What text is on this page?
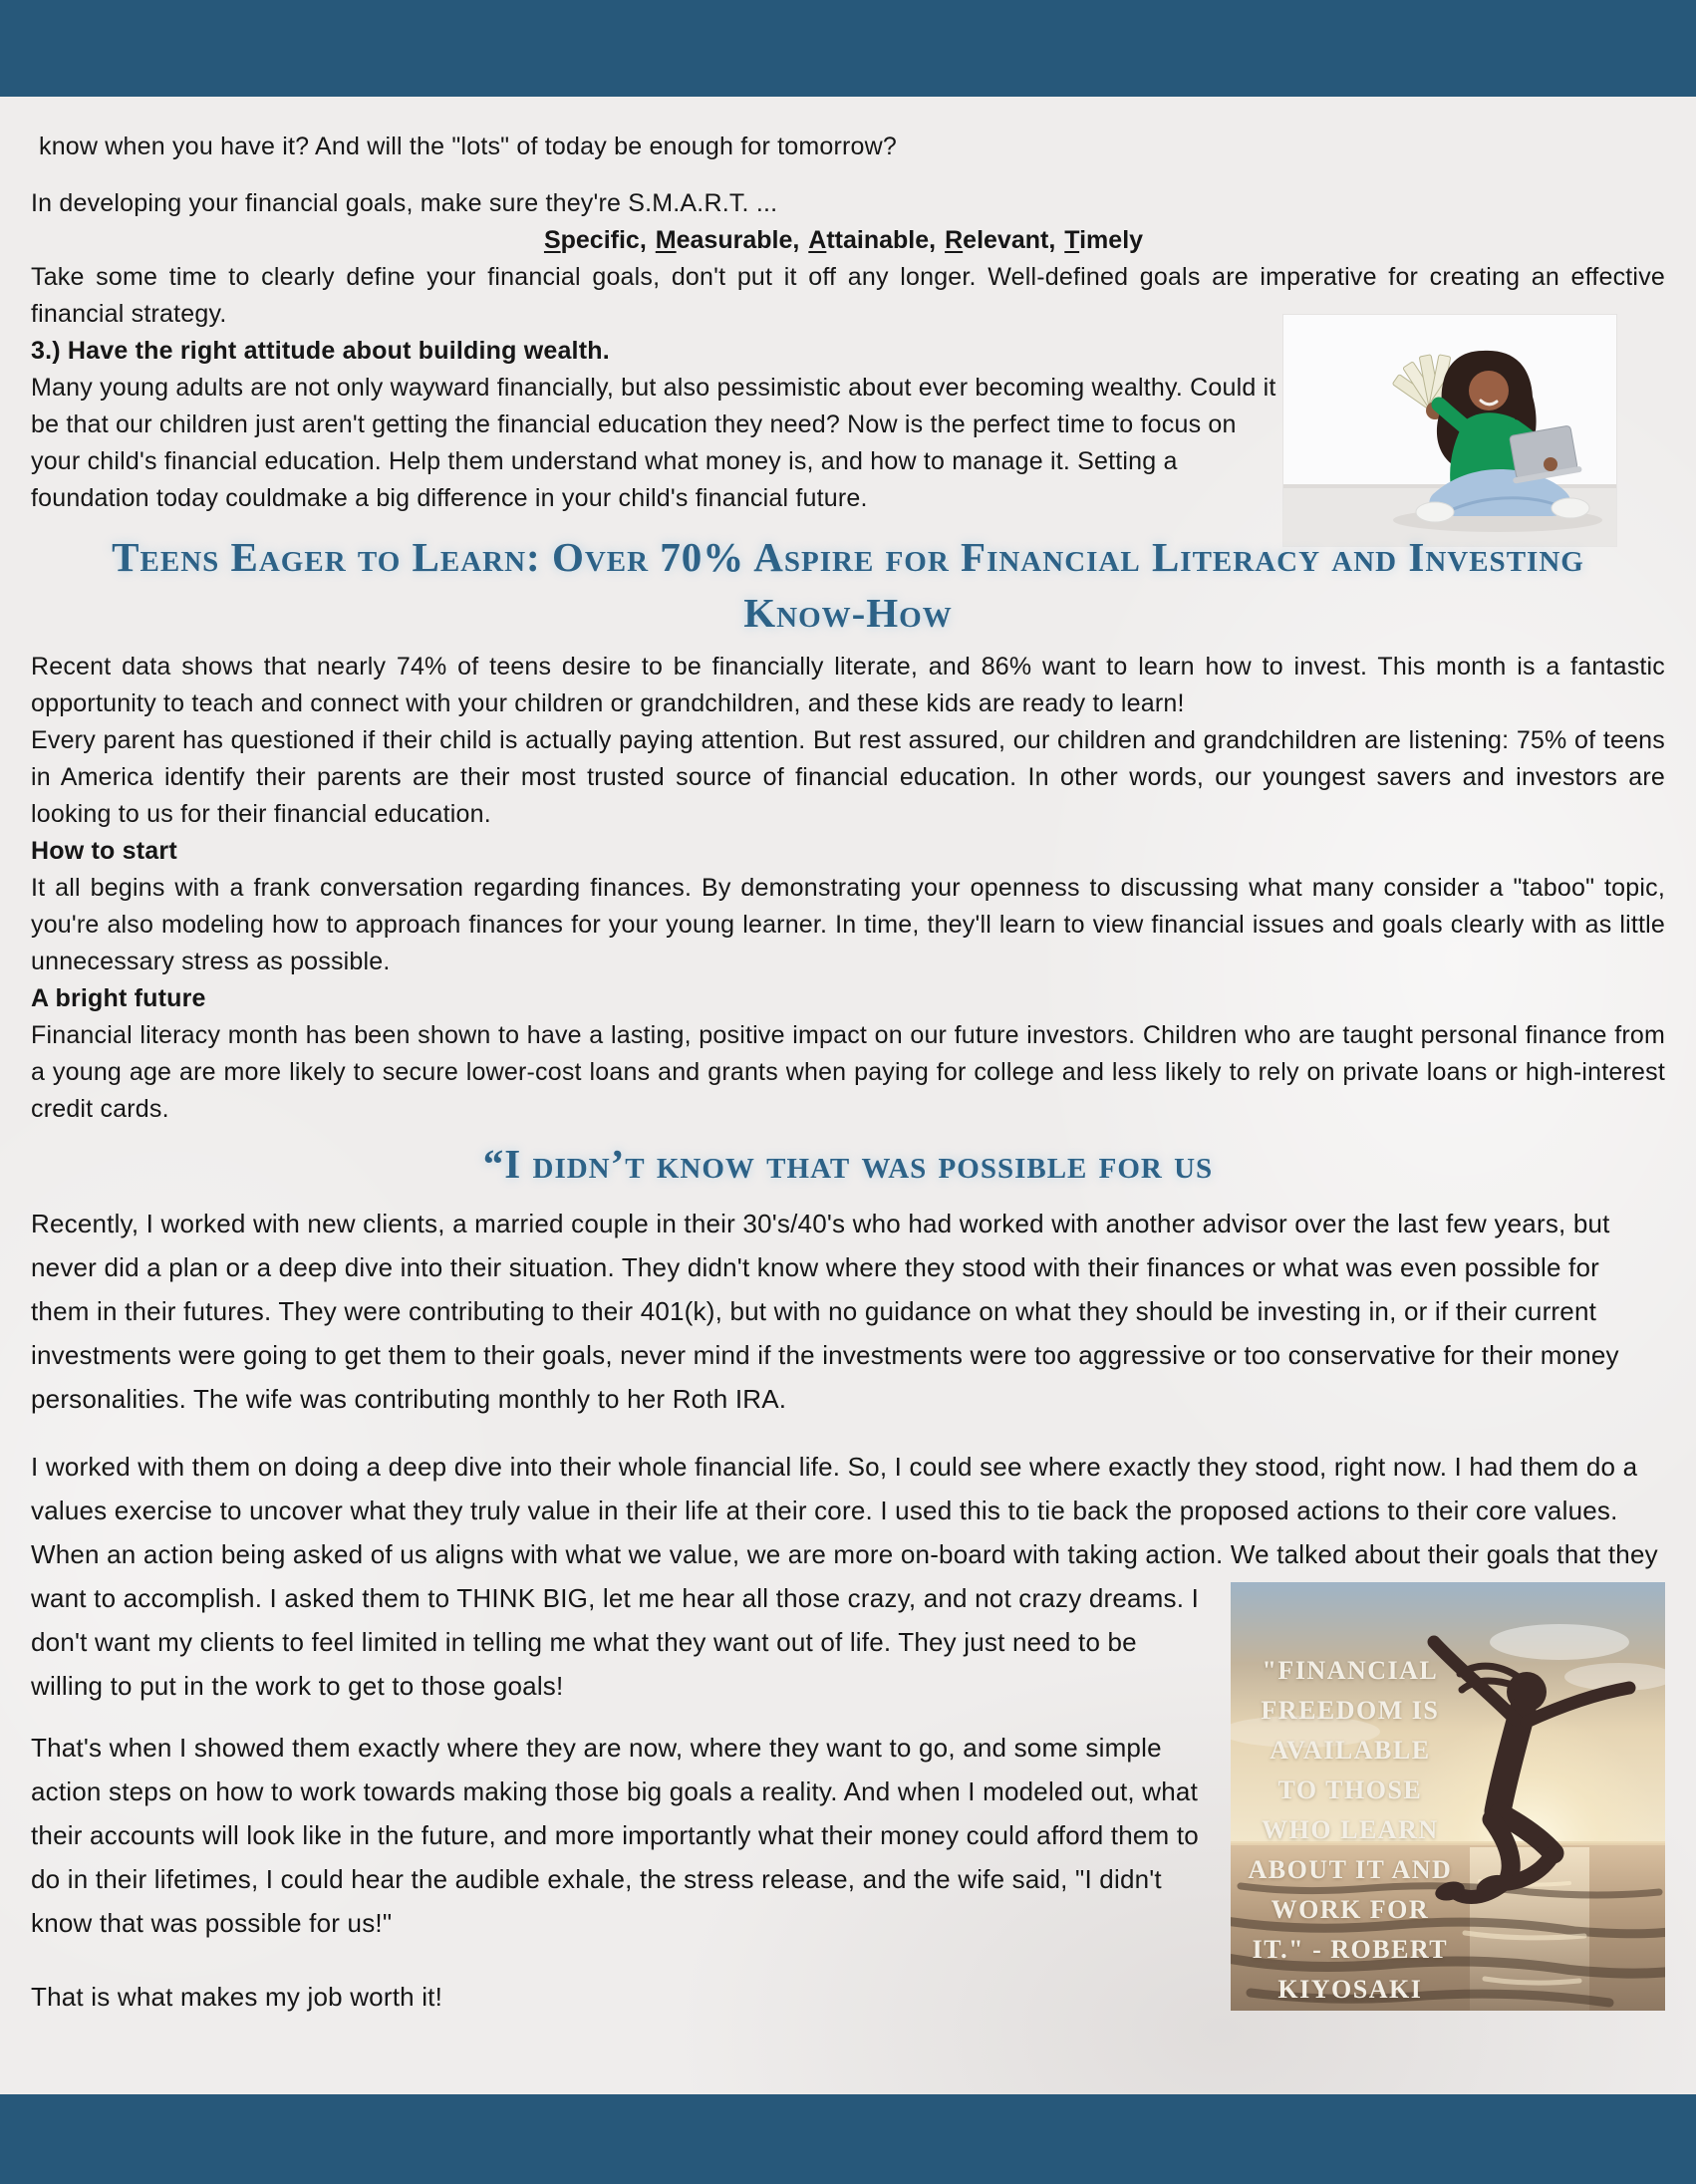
know when you have it? And will the "lots" of today be enough for tomorrow?

In developing your financial goals, make sure they're S.M.A.R.T. ...

Specific, Measurable, Attainable, Relevant, Timely

Take some time to clearly define your financial goals, don't put it off any longer. Well-defined goals are imperative for creating an effective financial strategy.

3.) Have the right attitude about building wealth.

Many young adults are not only wayward financially, but also pessimistic about ever becoming wealthy. Could it be that our children just aren't getting the financial education they need? Now is the perfect time to focus on your child's financial education. Help them understand what money is, and how to manage it. Setting a foundation today couldmake a big difference in your child's financial future.

Teens Eager to Learn: Over 70% Aspire for Financial Literacy and Investing
Know-How

Recent data shows that nearly 74% of teens desire to be financially literate, and 86% want to learn how to invest. This month is a fantastic opportunity to teach and connect with your children or grandchildren, and these kids are ready to learn!

Every parent has questioned if their child is actually paying attention. But rest assured, our children and grandchildren are listening: 75% of teens in America identify their parents are their most trusted source of financial education. In other words, our youngest savers and investors are looking to us for their financial education.

How to start

It all begins with a frank conversation regarding finances. By demonstrating your openness to discussing what many consider a "taboo" topic, you're also modeling how to approach finances for your young learner. In time, they'll learn to view financial issues and goals clearly with as little unnecessary stress as possible.

A bright future

Financial literacy month has been shown to have a lasting, positive impact on our future investors. Children who are taught personal finance from a young age are more likely to secure lower-cost loans and grants when paying for college and less likely to rely on private loans or high-interest credit cards.

“I didn’t know that was possible for us

Recently, I worked with new clients, a married couple in their 30's/40's who had worked with another advisor over the last few years, but never did a plan or a deep dive into their situation. They didn't know where they stood with their finances or what was even possible for them in their futures. They were contributing to their 401(k), but with no guidance on what they should be investing in, or if their current investments were going to get them to their goals, never mind if the investments were too aggressive or too conservative for their money personalities. The wife was contributing monthly to her Roth IRA.

I worked with them on doing a deep dive into their whole financial life. So, I could see where exactly they stood, right now. I had them do a values exercise to uncover what they truly value in their life at their core. I used this to tie back the proposed actions to their core values. When an action being asked of us aligns with what we value, we are more on-board with taking action. We talked about their goals that they want to accomplish. I asked them to THINK BIG, let me hear all those crazy,
"FINANCIAL FREEDOM IS AVAILABLE TO THOSE WHO LEARN ABOUT IT AND WORK FOR IT." - ROBERT KIYOSAKI
and not crazy dreams. I don't want my clients to feel limited in telling me what they want out of life. They just need to be willing to put in the work to get to those goals!

That's when I showed them exactly where they are now, where they want to go, and some simple action steps on how to work towards making those big goals a reality. And when I modeled out, what their accounts will look like in the future, and more importantly what their money could afford them to do in their lifetimes, I could hear the audible exhale, the stress release, and the wife said, "I didn't know that was possible for us!"

That is what makes my job worth it!
